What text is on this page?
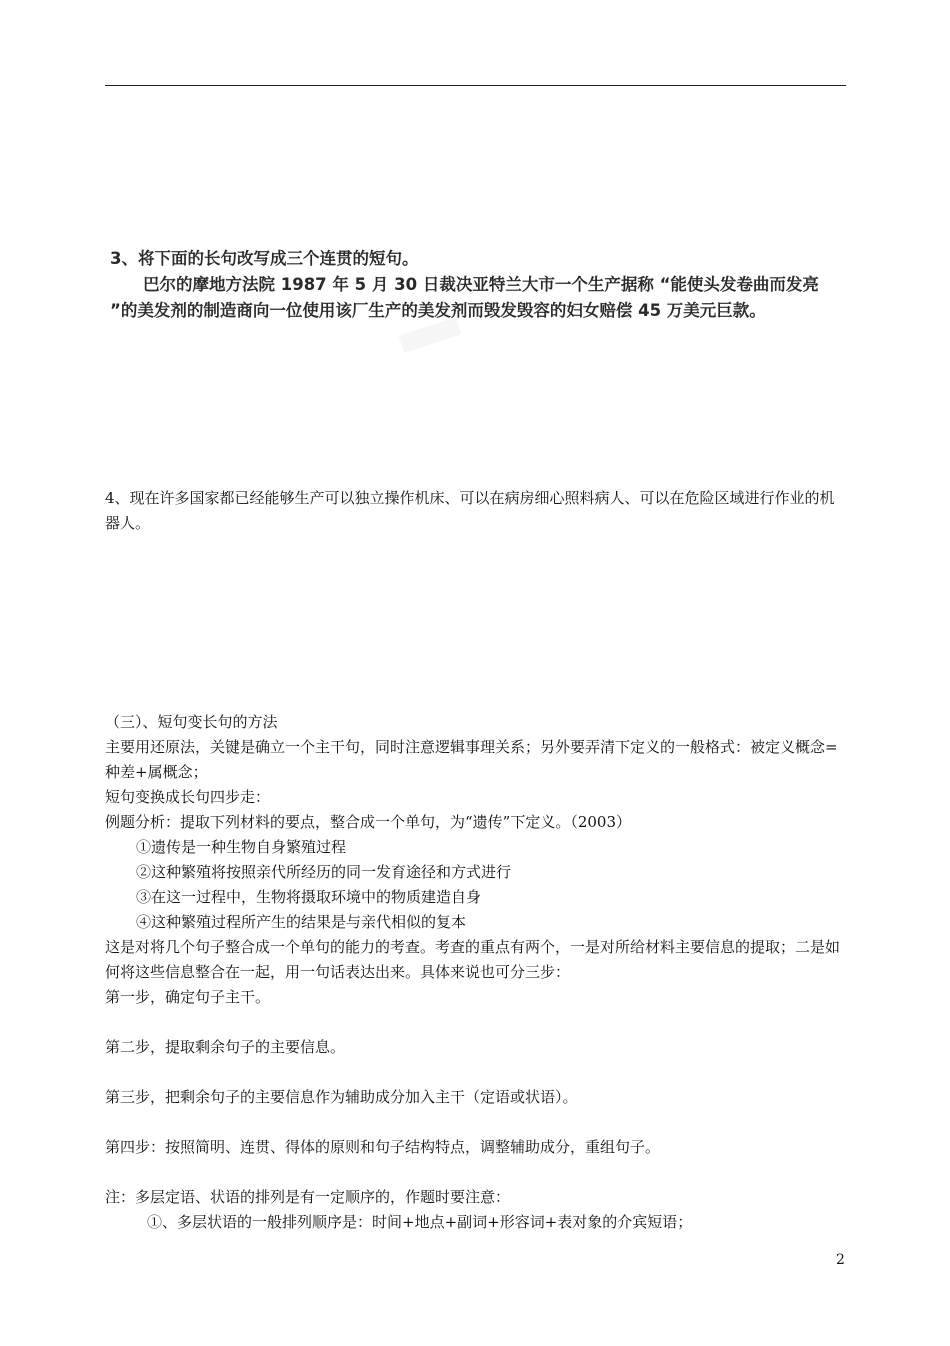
3、将下面的长句改写成三个连贯的短句。

巴尔的摩地方法院 1987 年 5 月 30 日裁决亚特兰大市一个生产据称 “能使头发卷曲而发亮 ”的美发剂的制造商向一位使用该厂生产的美发剂而毁发毁容的妇女赔偿 45 万美元巨款。

4、现在许多国家都已经能够生产可以独立操作机床、可以在病房细心照料病人、可以在危险区域进行作业的机器人。

（三）、短句变长句的方法

主要用还原法，关键是确立一个主干句，同时注意逻辑事理关系；另外要弄清下定义的一般格式：被定义概念=种差+属概念；

短句变换成长句四步走：

例题分析：提取下列材料的要点，整合成一个单句，为“遗传”下定义。（2003）

①遗传是一种生物自身繁殖过程

②这种繁殖将按照亲代所经历的同一发育途径和方式进行

③在这一过程中，生物将摄取环境中的物质建造自身

④这种繁殖过程所产生的结果是与亲代相似的复本

这是对将几个句子整合成一个单句的能力的考查。考查的重点有两个，一是对所给材料主要信息的提取；二是如何将这些信息整合在一起，用一句话表达出来。具体来说也可分三步：

第一步，确定句子主干。

第二步，提取剩余句子的主要信息。

第三步，把剩余句子的主要信息作为辅助成分加入主干（定语或状语）。

第四步：按照简明、连贯、得体的原则和句子结构特点，调整辅助成分，重组句子。

注：多层定语、状语的排列是有一定顺序的，作题时要注意：

①、多层状语的一般排列顺序是：时间+地点+副词+形容词+表对象的介宾短语；

2
